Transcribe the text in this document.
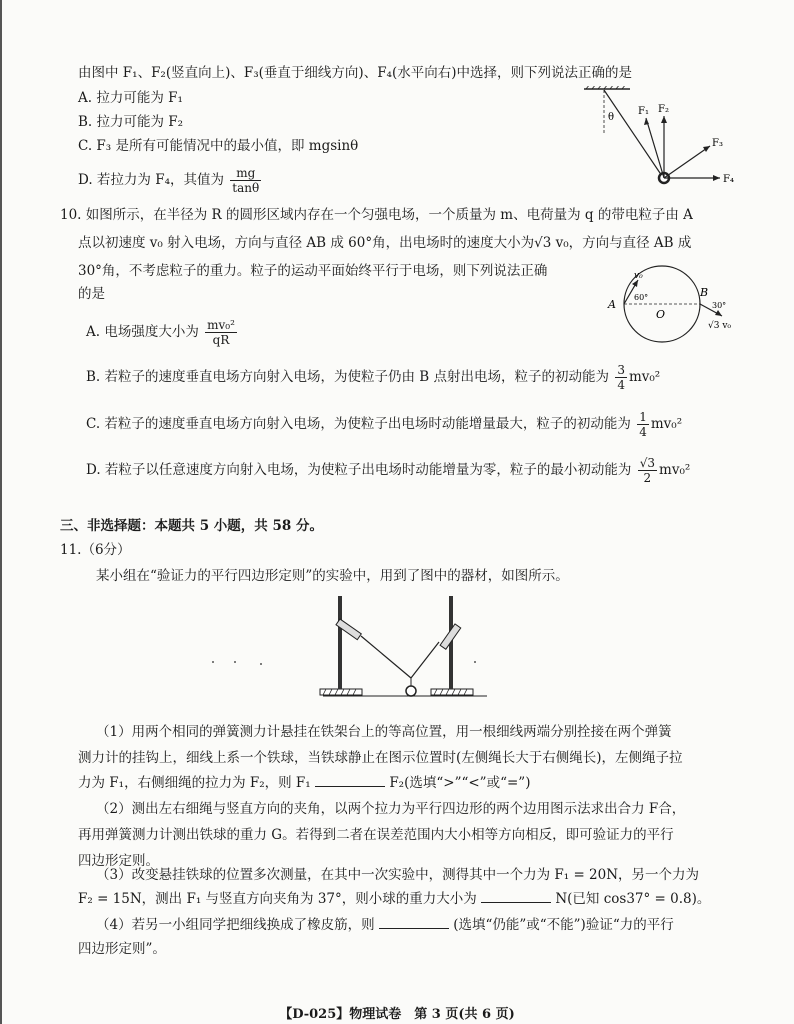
由图中 F₁、F₂(竖直向上)、F₃(垂直于细线方向)、F₄(水平向右)中选择，则下列说法正确的是
A. 拉力可能为 F₁
B. 拉力可能为 F₂
C. F₃ 是所有可能情况中的最小值，即 mgsinθ
D. 若拉力为 F₄，其值为 $\frac{mg}{\tan\theta}$
θ
F₁ F₂
F₃
F₄
10. 如图所示，在半径为 R 的圆形区域内存在一个匀强电场，一个质量为 m、电荷量为 q 的带电粒子由 A
点以初速度 v₀ 射入电场，方向与直径 AB 成 60°角，出电场时的速度大小为√3 v₀，方向与直径 AB 成
30°角，不考虑粒子的重力。粒子的运动平面始终平行于电场，则下列说法正确
的是
A. 电场强度大小为 $\frac{\text{mv₀²}}{qR}$
B. 若粒子的速度垂直电场方向射入电场，为使粒子仍由 B 点射出电场，粒子的初动能为 $\frac{3}{4} mv_0^2$
C. 若粒子的速度垂直电场方向射入电场，为使粒子出电场时动能增量最大，粒子的初动能为 $\frac{1}{4} mv_0^2$
D. 若粒子以任意速度方向射入电场，为使粒子出电场时动能增量为零，粒子的最小初动能为 $\frac{√3}{2} mv_0^2$
A
B
O
v₀
60°
30°
√3 v₀
三、非选择题：本题共 5 小题，共 58 分。
11.（6分）
某小组在“验证力的平行四边形定则”的实验中，用到了图中的器材，如图所示。
（1）用两个相同的弹簧测力计悬挂在铁架台上的等高位置，用一根细线两端分别拴接在两个弹簧
测力计的挂钩上，细线上系一个铁球，当铁球静止在图示位置时(左侧绳长大于右侧绳长)，左侧绳子拉
力为 F₁，右侧细绳的拉力为 F₂，则 F₁	F₂(选填“>”“<”或“=”)
（2）测出左右细绳与竖直方向的夹角，以两个拉力为平行四边形的两个边用图示法求出合力 F合，
再用弹簧测力计测出铁球的重力 G。若得到二者在误差范围内大小相等方向相反，即可验证力的平行
四边形定则。
（3）改变悬挂铁球的位置多次测量，在其中一次实验中，测得其中一个力为 F₁ = 20N，另一个力为
F₂ = 15N，测出 F₁ 与竖直方向夹角为 37°，则小球的重力大小为	N(已知 cos37° = 0.8)。
（4）若另一小组同学把细线换成了橡皮筋，则	(选填“仍能”或“不能”)验证“力的平行
四边形定则”。
【D-025】物理试卷　第 3 页(共 6 页)
